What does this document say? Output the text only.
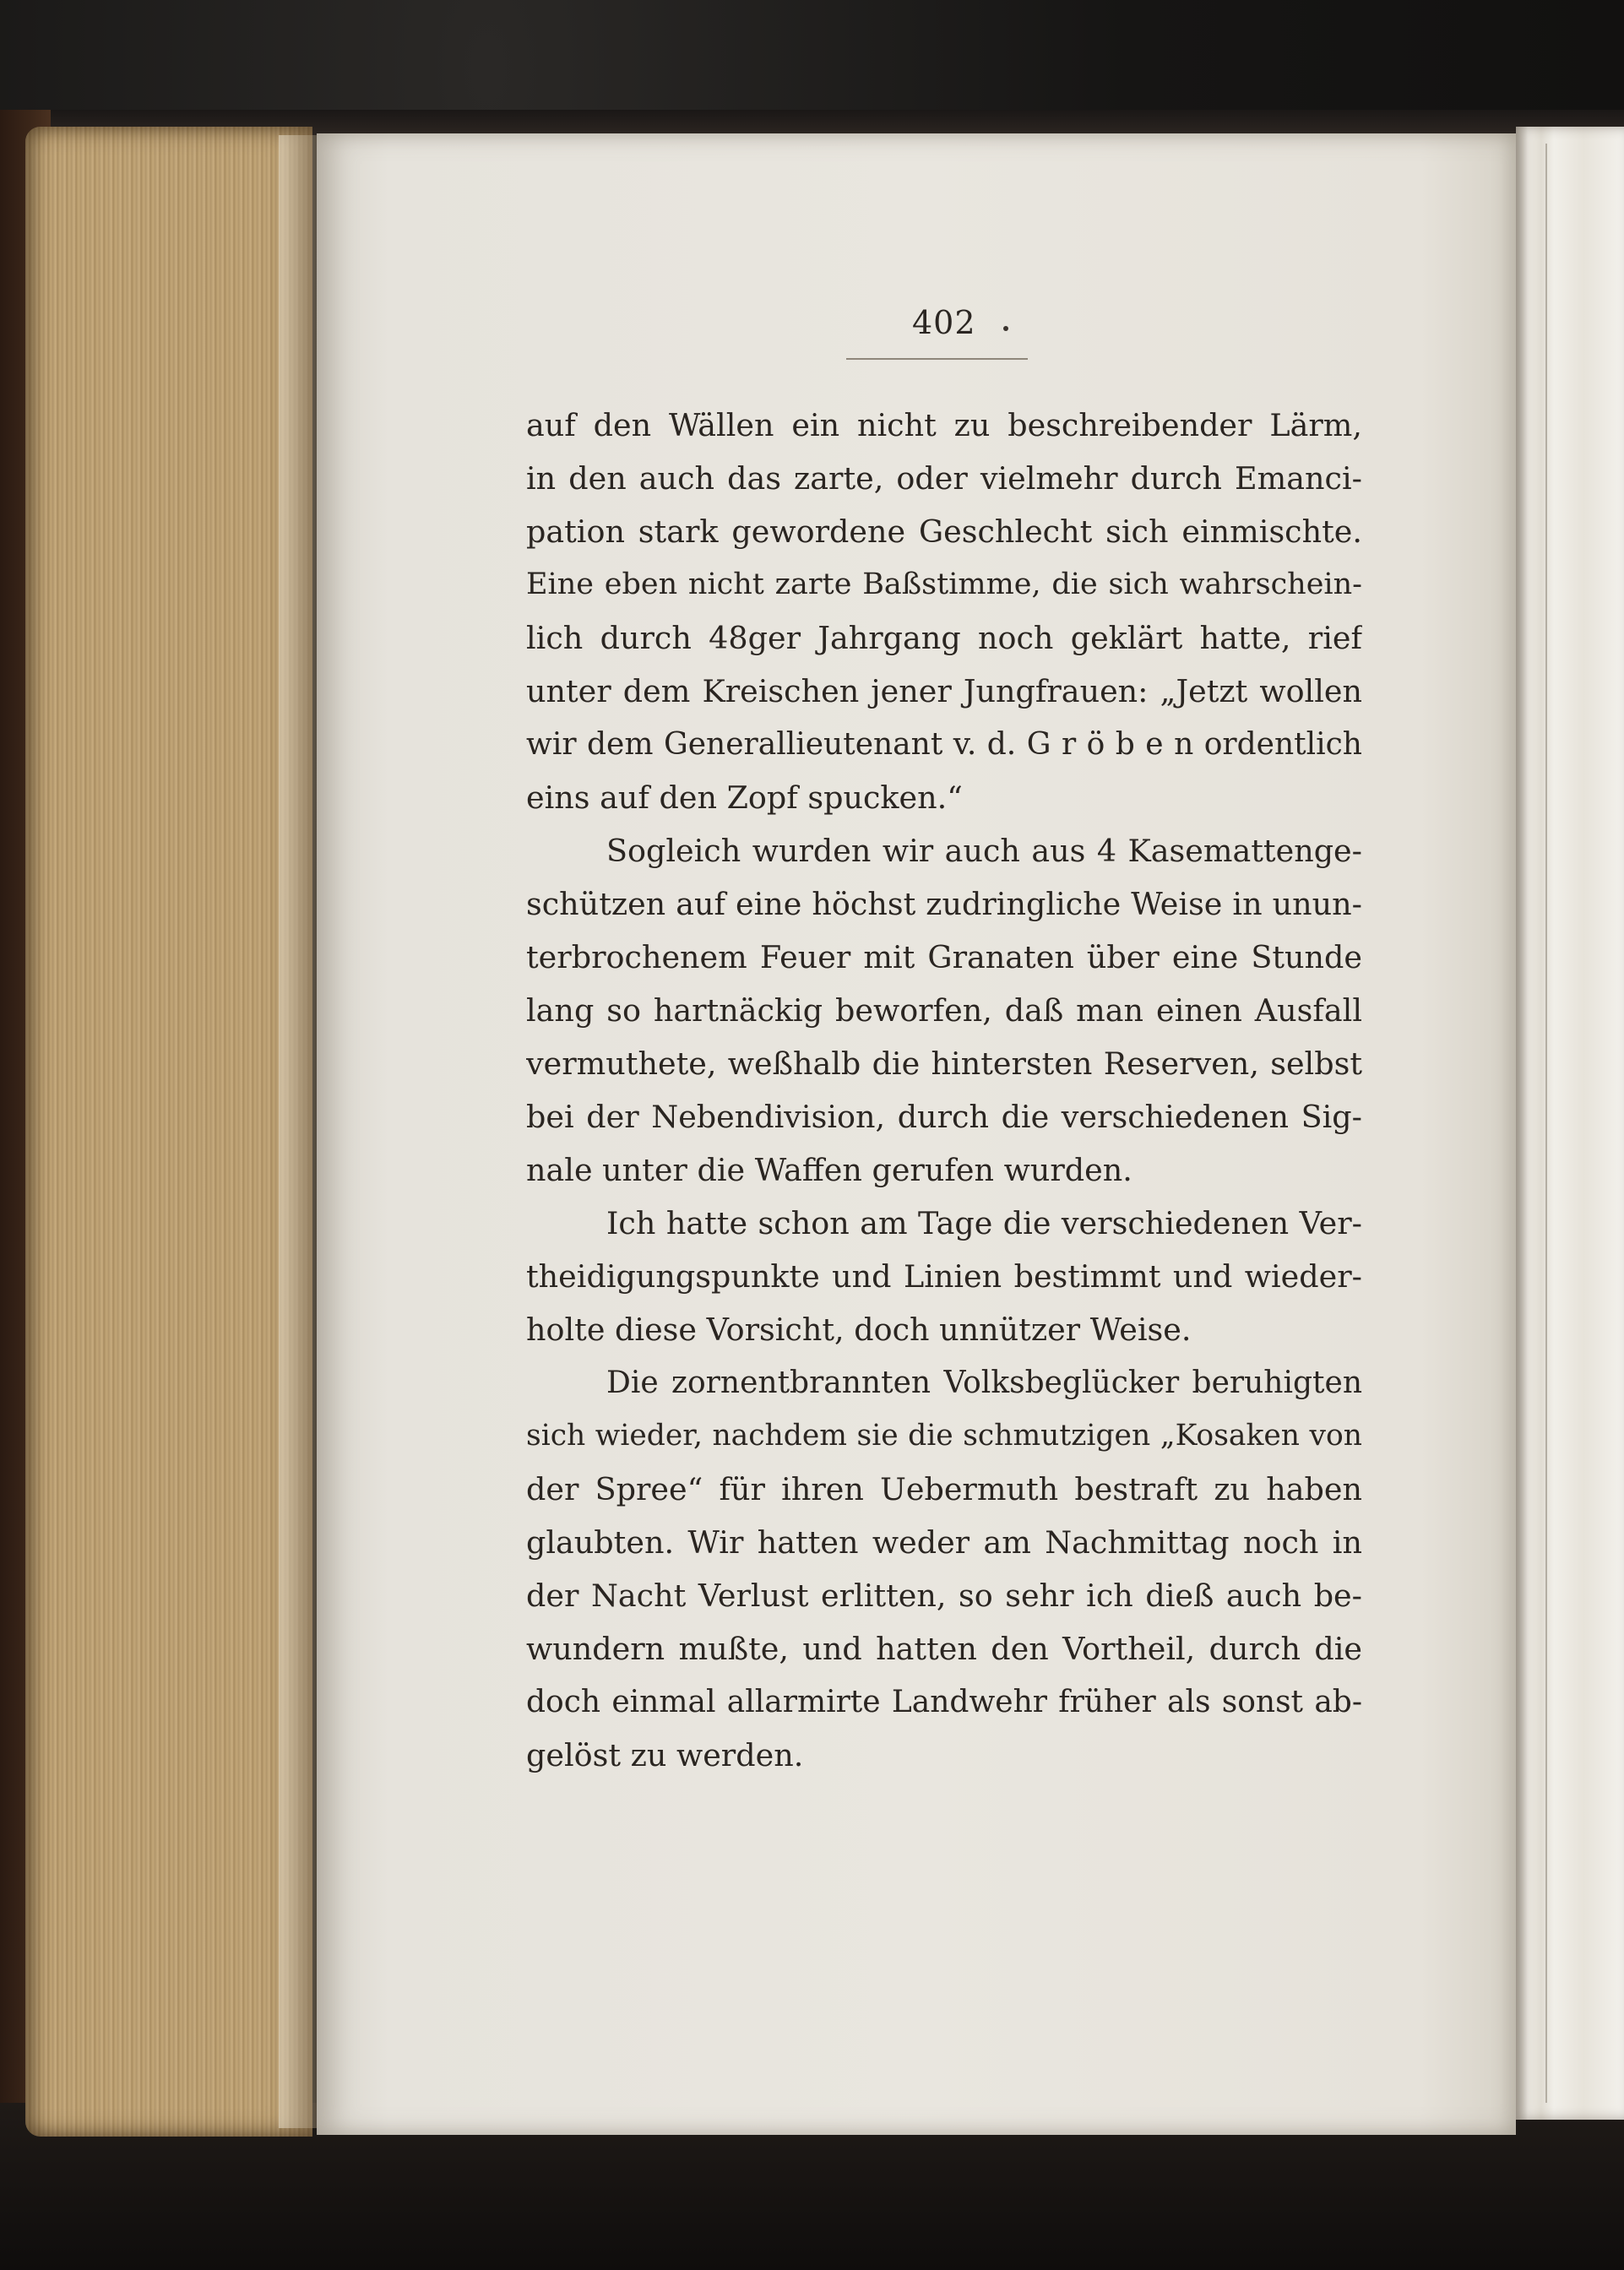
402
auf den Wällen ein nicht zu beschreibender Lärm,
in den auch das zarte, oder vielmehr durch Emanci-
pation stark gewordene Geschlecht sich einmischte.
Eine eben nicht zarte Baßstimme, die sich wahrschein-
lich durch 48ger Jahrgang noch geklärt hatte, rief
unter dem Kreischen jener Jungfrauen: „Jetzt wollen
wir dem Generallieutenant v. d. G r ö b e n ordentlich
eins auf den Zopf spucken.“
Sogleich wurden wir auch aus 4 Kasemattenge-
schützen auf eine höchst zudringliche Weise in unun-
terbrochenem Feuer mit Granaten über eine Stunde
lang so hartnäckig beworfen, daß man einen Ausfall
vermuthete, weßhalb die hintersten Reserven, selbst
bei der Nebendivision, durch die verschiedenen Sig-
nale unter die Waffen gerufen wurden.
Ich hatte schon am Tage die verschiedenen Ver-
theidigungspunkte und Linien bestimmt und wieder-
holte diese Vorsicht, doch unnützer Weise.
Die zornentbrannten Volksbeglücker beruhigten
sich wieder, nachdem sie die schmutzigen „Kosaken von
der Spree“ für ihren Uebermuth bestraft zu haben
glaubten. Wir hatten weder am Nachmittag noch in
der Nacht Verlust erlitten, so sehr ich dieß auch be-
wundern mußte, und hatten den Vortheil, durch die
doch einmal allarmirte Landwehr früher als sonst ab-
gelöst zu werden.
